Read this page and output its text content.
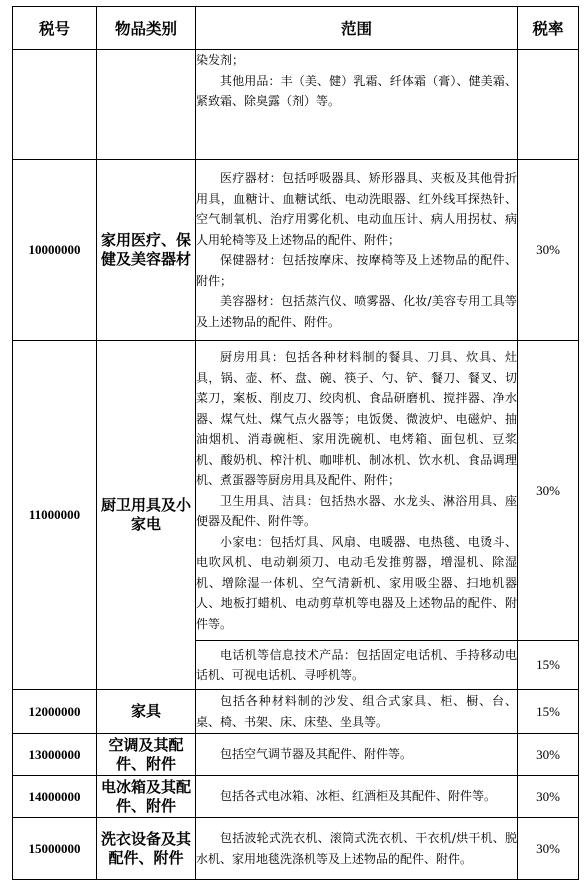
税号	物品类别	范围	税率

		染发剂；
其他用品：丰（美、健）乳霜、纤体霜（膏）、健美霜、紧致霜、除臭露（剂）等。	

10000000	家用医疗、保健及美容器材	医疗器材：包括呼吸器具、矫形器具、夹板及其他骨折用具，血糖计、血糖试纸、电动洗眼器、红外线耳探热针、空气制氧机、治疗用雾化机、电动血压计、病人用拐杖、病人用轮椅等及上述物品的配件、附件；
保健器材：包括按摩床、按摩椅等及上述物品的配件、附件；
美容器材：包括蒸汽仪、喷雾器、化妆/美容专用工具等及上述物品的配件、附件。	30%
11000000	厨卫用具及小家电	厨房用具：包括各种材料制的餐具、刀具、炊具、灶具，锅、壶、杯、盘、碗、筷子、勺、铲、餐刀、餐叉、切菜刀，案板、削皮刀、绞肉机、食品研磨机、搅拌器、净水器、煤气灶、煤气点火器等；电饭煲、微波炉、电磁炉、抽油烟机、消毒碗柜、家用洗碗机、电烤箱、面包机、豆浆机、酸奶机、榨汁机、咖啡机、制冰机、饮水机、食品调理机、煮蛋器等厨房用具及配件、附件；
卫生用具、洁具：包括热水器、水龙头、淋浴用具、座便器及配件、附件等。
小家电：包括灯具、风扇、电暖器、电热毯、电烫斗、电吹风机、电动剃须刀、电动毛发推剪器，增湿机、除湿机、增除湿一体机、空气清新机、家用吸尘器、扫地机器人、地板打蜡机、电动剪草机等电器及上述物品的配件、附件等。	30%

		电话机等信息技术产品：包括固定电话机、手持移动电话机、可视电话机、寻呼机等。	15%
12000000	家具	包括各种材料制的沙发、组合式家具、柜、橱、台、桌、椅、书架、床、床垫、坐具等。	15%
13000000	空调及其配件、附件	包括空气调节器及其配件、附件等。	30%
14000000	电冰箱及其配件、附件	包括各式电冰箱、冰柜、红酒柜及其配件、附件等。	30%
15000000	洗衣设备及其配件、附件	包括波轮式洗衣机、滚筒式洗衣机、干衣机/烘干机、脱水机、家用地毯洗涤机等及上述物品的配件、附件。	30%
